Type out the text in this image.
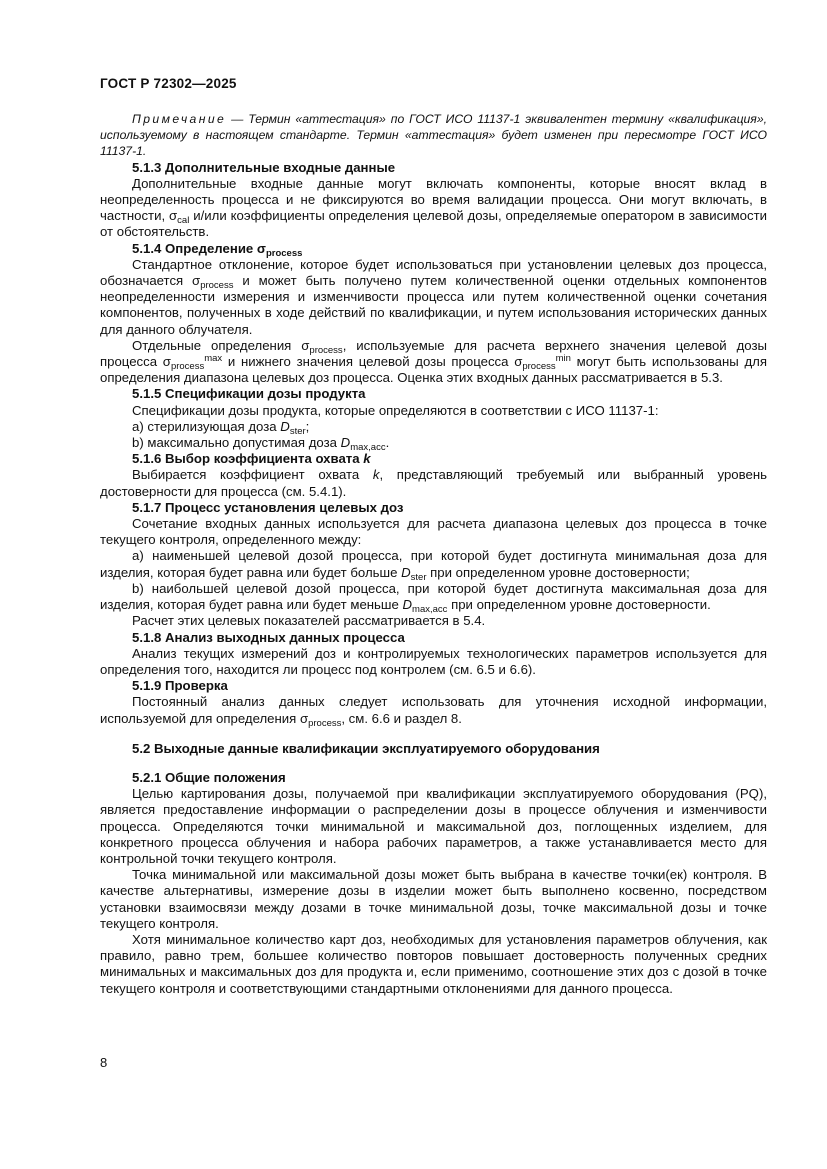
ГОСТ Р 72302—2025

Примечание — Термин «аттестация» по ГОСТ ИСО 11137-1 эквивалентен термину «квалификация», используемому в настоящем стандарте. Термин «аттестация» будет изменен при пересмотре ГОСТ ИСО 11137-1.

5.1.3 Дополнительные входные данные

Дополнительные входные данные могут включать компоненты, которые вносят вклад в неопределенность процесса и не фиксируются во время валидации процесса. Они могут включать, в частности, $\sigma_{cal}$ и/или коэффициенты определения целевой дозы, определяемые оператором в зависимости от обстоятельств.

5.1.4 Определение $\sigma_{process}$

Стандартное отклонение, которое будет использоваться при установлении целевых доз процесса, обозначается $\sigma_{process}$ и может быть получено путем количественной оценки отдельных компонентов неопределенности измерения и изменчивости процесса или путем количественной оценки сочетания компонентов, полученных в ходе действий по квалификации, и путем использования исторических данных для данного облучателя.

Отдельные определения $\sigma_{process}$, используемые для расчета верхнего значения целевой дозы процесса $\sigma_{process}^{max}$ и нижнего значения целевой дозы процесса $\sigma_{process}^{min}$ могут быть использованы для определения диапазона целевых доз процесса. Оценка этих входных данных рассматривается в 5.3.

5.1.5 Спецификации дозы продукта

Спецификации дозы продукта, которые определяются в соответствии с ИСО 11137-1:

а) стерилизующая доза $D_{ster}$;

b) максимально допустимая доза $D_{max,acc}$.

5.1.6 Выбор коэффициента охвата k

Выбирается коэффициент охвата k, представляющий требуемый или выбранный уровень достоверности для процесса (см. 5.4.1).

5.1.7 Процесс установления целевых доз

Сочетание входных данных используется для расчета диапазона целевых доз процесса в точке текущего контроля, определенного между:

а) наименьшей целевой дозой процесса, при которой будет достигнута минимальная доза для изделия, которая будет равна или будет больше $D_{ster}$ при определенном уровне достоверности;

b) наибольшей целевой дозой процесса, при которой будет достигнута максимальная доза для изделия, которая будет равна или будет меньше $D_{max,acc}$ при определенном уровне достоверности.

Расчет этих целевых показателей рассматривается в 5.4.

5.1.8 Анализ выходных данных процесса

Анализ текущих измерений доз и контролируемых технологических параметров используется для определения того, находится ли процесс под контролем (см. 6.5 и 6.6).

5.1.9 Проверка

Постоянный анализ данных следует использовать для уточнения исходной информации, используемой для определения $\sigma_{process}$, см. 6.6 и раздел 8.

5.2 Выходные данные квалификации эксплуатируемого оборудования
5.2.1 Общие положения

Целью картирования дозы, получаемой при квалификации эксплуатируемого оборудования (PQ), является предоставление информации о распределении дозы в процессе облучения и изменчивости процесса. Определяются точки минимальной и максимальной доз, поглощенных изделием, для конкретного процесса облучения и набора рабочих параметров, а также устанавливается место для контрольной точки текущего контроля.

Точка минимальной или максимальной дозы может быть выбрана в качестве точки(ек) контроля. В качестве альтернативы, измерение дозы в изделии может быть выполнено косвенно, посредством установки взаимосвязи между дозами в точке минимальной дозы, точке максимальной дозы и точке текущего контроля.

Хотя минимальное количество карт доз, необходимых для установления параметров облучения, как правило, равно трем, большее количество повторов повышает достоверность полученных средних минимальных и максимальных доз для продукта и, если применимо, соотношение этих доз с дозой в точке текущего контроля и соответствующими стандартными отклонениями для данного процесса.

8
